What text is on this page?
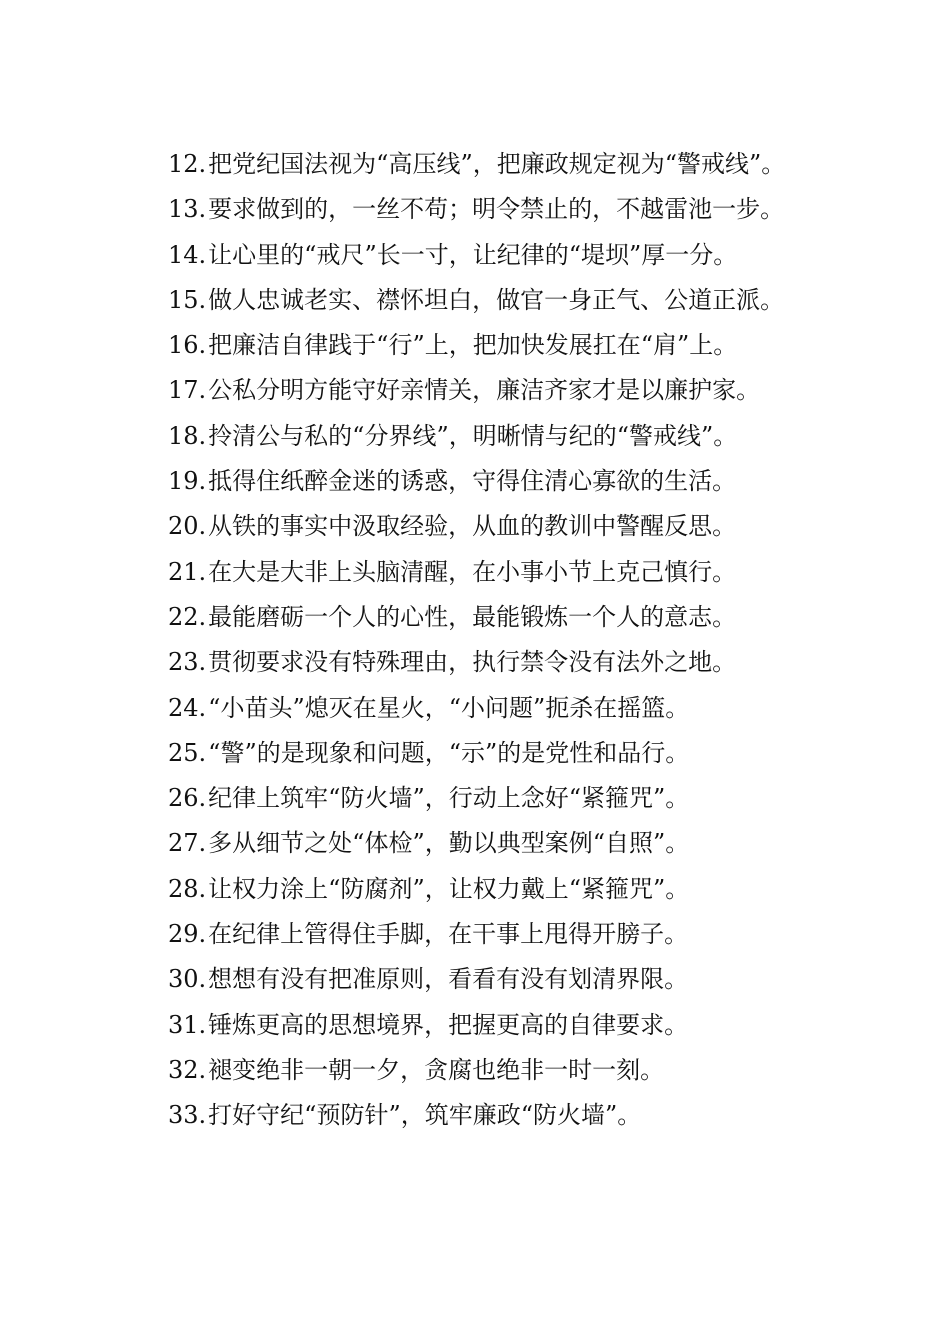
12.把党纪国法视为“高压线”，把廉政规定视为“警戒线”。

13.要求做到的，一丝不苟；明令禁止的，不越雷池一步。

14.让心里的“戒尺”长一寸，让纪律的“堤坝”厚一分。

15.做人忠诚老实、襟怀坦白，做官一身正气、公道正派。

16.把廉洁自律践于“行”上，把加快发展扛在“肩”上。

17.公私分明方能守好亲情关，廉洁齐家才是以廉护家。

18.拎清公与私的“分界线”，明晰情与纪的“警戒线”。

19.抵得住纸醉金迷的诱惑，守得住清心寡欲的生活。

20.从铁的事实中汲取经验，从血的教训中警醒反思。

21.在大是大非上头脑清醒，在小事小节上克己慎行。

22.最能磨砺一个人的心性，最能锻炼一个人的意志。

23.贯彻要求没有特殊理由，执行禁令没有法外之地。

24.“小苗头”熄灭在星火，“小问题”扼杀在摇篮。

25.“警”的是现象和问题，“示”的是党性和品行。

26.纪律上筑牢“防火墙”，行动上念好“紧箍咒”。

27.多从细节之处“体检”，勤以典型案例“自照”。

28.让权力涂上“防腐剂”，让权力戴上“紧箍咒”。

29.在纪律上管得住手脚，在干事上甩得开膀子。

30.想想有没有把准原则，看看有没有划清界限。

31.锤炼更高的思想境界，把握更高的自律要求。

32.褪变绝非一朝一夕，贪腐也绝非一时一刻。

33.打好守纪“预防针”，筑牢廉政“防火墙”。
